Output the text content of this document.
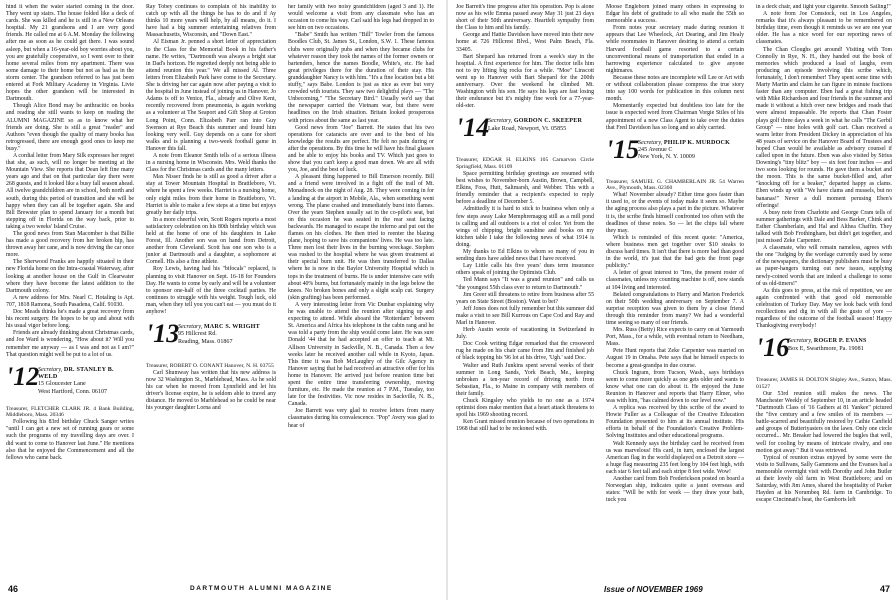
hind it when the water started coming in the door. They went up stairs. The house folded like a deck of cards. She was killed and he is still in a New Orleans hospital. My 21 grandsons and I are very good friends. He called me at 6 A.M. Monday the following after me as soon as he could get there. I was sound asleep, but when a 16-year-old boy worries about you, you are gratefully cooperative, so I went over to their home several miles from my apartment. There was some damage to their home but not as bad as in the storm center. The grandson referred to has just been entered at Fork Military Academy in Virginia. Livie hopes the other grandson will be interested in Dartmouth.

Though Alice Bond may be anthracitic on books and reading she still wants to keep on reading the ALUMNI MAGAZINE so as to know what her friends are doing. She is still a great "reader" and Authors "even though the quality of many books has retrogressed, there are enough good ones to keep me busy."

A cordial letter from Mary Silk expresses her regret that she, as such, will no longer be meeting at the Mountain View. She reports that Dean left fine many years ago and that on that particular day there were 268 guests, and it looked like a busy fall season ahead. All twelve grandchildren are in school, both north and south, during this period of transition and she will be happy when they can all be together again. She and Bill Brewster plan to spend January for a month but stepping off in Florida on the way back, prior to taking a two weeks' Island Cruise.

The good news from Stan Macomber is that Billie has made a good recovery from her broken hip, has thrown away her cane, and is now driving the car once more.

The Sherwood Franks are happily situated in their new Florida home on the Intra-coastal Waterway, after looking at another house on the Gulf in Clearwater where they have become the latest addition to the Dartmouth colony.

A new address for Mrs. Nearl C. Hotaling is Apt. 707, 1818 Ramona, South Pasadena, Calif. 91030.

Doc Meads thinks he's made a great recovery from his recent surgery. He hopes to be up and about with his usual vigor before long.

Friends are already thinking about Christmas cards, and Joe Ward is wondering, "How about it? Will you remember me anyway — as I was and not as I am?" That question might well be put to a lot of us.

'12
Secretary, DR. STANLEY B. WELD
15 Gloucester Lane
West Hartford, Conn. 06107

Treasurer, FLETCHER CLARK JR. 4 Bank Building, Middleboro, Mass. 20346

Following his 83rd birthday Chuck Sanger writes "until I can get a new set of running gears or some such the programs of my travelling days are over. I did want to come to Hanover last June." He mentions also that he enjoyed the Commencement and all the fellows who came back.

Ray Tobey continues to complain of his inability to catch up with all the things he has to do and if Ay thinks 10 more years will help, by all means, do it. I have had a big summer entertaining relatives from Massachusetts, Wisconsin, and "Down East."

Al Eisman Jr. penned a short letter of appreciation to the Class for the Memorial Book in his father's name. He writes, "Dartmouth was always a bright star in Dad's horizon. He regretted deeply not being able to attend reunion this year." We all missed Al. Three letters from Elizabeth Park have come to the Secretary. She is driving her car again now after paying a visit to the hospital in June instead of joining us in Hanover. Jo Adams is off to Venice, Fla., already and Olive Kent, recently recovered from pneumonia, is again working as a volunteer at The Seaport and Gift Shop at Groton Long Point, Conn. Elizabeth Parr ran into Guy Swenson at Rye Beach this summer and found him looking very well. Guy depends on a cane for short walks and is planning a two-week football game in Hanover this fall.

A note from Eleanor Smith tells of a serious illness in a nursing home in Wisconsin. Mrs. Weld thanks the Class for the Christmas cards and the many letters.

Max Nisser finds he is still as good a driver after a stay at Tower Mountain Hospital in Brattleboro, Vt. where he spent a few weeks. Harriet is a nursing home, only eight miles from their home in Brattleboro, Vt. Harriet is able to make a few steps at a time but enjoys greatly her daily trips.

In a more cheerful vein, Scott Rogers reports a most satisfactory celebration on his 80th birthday which was held at the home of one of his daughters in Lake Forest, Ill. Another son was on hand from Detroit, another from Cleveland. Scott has one son who is a junior at Dartmouth and a daughter, a sophomore at Cornell. His also a fine athlete.

Roy Lewis, having had his "bifocals" replaced, is planning to visit Hanover on Sept. 16-18 for Founders Day. He wants to come by early and will be a volunteer to sponsor one-half of the three cocktail parties. He continues to struggle with his weight. Tough luck, old man, when they tell you you can't eat — you must do it anyhow!

'13
Secretary, MARC S. WRIGHT
95 Hillcrest Rd.
Reading, Mass. 01867

Treasurer, ROBERT O. CONANT Hanover, N. H. 03755

Carl Shumway has written that his new address is now 32 Washington St., Marblehead, Mass. As he sold his car when he moved from Lynnfield and let his driver's license expire, he is seldom able to travel any distance. He moved to Marblehead so he could be near his younger daughter Lorna and

her family with two noisy grandchildren (aged 3 and 1). He would welcome a visit from any classmate who has an occasion to come his way. Carl said his legs had dropped in to see him on two occasions.

"Babe" Smith has written "Bill" Towler from the famous Boodles Club, St. James St., London, S.W. 1. These famous clubs were originally pubs and when they became clubs for whatever reason they took the names of the former owners or bartenders, hence the names Boodle, White's, etc. He had great privileges there for the duration of their stay. His granddaughter Nancy is with him. "It's a fine location but a bit stuffy," says Babe. London is just as nice as ever but very crowded with tourists. They saw two delightful plays — "The Unbecoming," "The Secretary Bird." Usually we'd say that the newspaper carried the Vietnam war, but there were headlines on the Irish situation. Britain looked prosperous with prices about the same as last year.

Good news from "Joe" Barrett. He states that his two operations for cataracts are over and to the best of his knowledge the results are perfect. He felt no pain during or after the operations. By this time he will have his final glasses and be able to enjoy his books and TV. Which just goes to show that you can't keep a good man down. We are all with you, Joe, and the best of luck.

A pleasant thing happened to Bill Emerson recently. Bill and a friend were involved in a fight off the trail of Mt. Monadnock on the night of Aug. 28. They were coming in for a landing at the airport in Mobile, Ala., when something went wrong. The plane crashed and immediately burst into flames. Over the years Stephen usually sat in the co-pilot's seat, but on this occasion he was seated in the rear seat facing backwards. He managed to escape the inferno and put out the flames on his clothes. He then tried to reenter the blazing plane, hoping to save his companions' lives. He was too late. Three men lost their lives in the burning wreckage. Stephen was rushed to the hospital where he was given treatment at their special burn unit. He was then transferred to Dallas where he is now in the Baylor University Hospital which is tops in the treatment of burns. He is under intensive care with about 40% burns, but fortunately mainly in the legs below the knees. No broken bones and only a slight scalp cut. Surgery (skin grafting) has been performed.

A very interesting letter from Vic Dunbar explaining why he was unable to attend the reunion after signing up and expecting to attend. While aboard the "Rotterdam" between St. America and Africa his telephone in the cabin rang and he was told a party from the ship would come later. He was sure Donald '44 that he had accepted an offer to teach at Mt. Allison University in Sackville, N. B., Canada. Then a few weeks later he received another call while in Kyoto, Japan. This time it was Bob McLaughry of the Gilc Agency in Hanover saying that he had received an attractive offer for his home in Hanover. He arrived just before reunion time but spent the entire time transferring ownership, moving furniture, etc. He made the reunion at 7 P.M., Tuesday, too late for the festivities. Vic now resides in Sackville, N. B., Canada.

Joe Barrett was very glad to receive letters from many classmates during his convalescence. "Pop" Avery was glad to hear of

46	DARTMOUTH ALUMNI MAGAZINE

Joe Barrett's fine progress after his operation. Pop is alone now as his wife Emma passed away May 31 just 23 days short of their 50th anniversary. Heartfelt sympathy from the Class to him and his family.

George and Hattie Davidson have moved into their new home at 726 Hillcrest Blvd., West Palm Beach, Fla. 33405.

Bart Shepard has returned from a week's stay in the hospital. A first experience for him. The doctor tells him not to try lifting big rocks for a while. "Moe" Linscott went up to Hanover with Bart Shepard for the 200th anniversary. Over the weekend he climbed Mt. Washington with his son. He says his legs are fast losing their endurance but it's mighty fine work for a 77-year-old-ster.

'14
Secretary, GORDON C. SKEEPER
Lake Road, Newport, Vt. 05855

Treasurer, EDGAR H. ELKINS 105 Carnarvon Circle Springfield, Mass. 01109

Space permitting birthday greetings are resumed with best wishes to November-born Austin, Brown, Campbell, Elkins, Foss, Hutt, Saltmarsh, and Webber. This with a friendly reminder that a recipient's expected to reply before a deadline of December 5.

Admittedly it is hard to stick to business when only a few steps away Lake Memphremagog still as a mill pond is calling and all outdoors is a riot of color. Yet from the wings of chipping, bright sunshine and books on my kitchen table I take the following news of what 1914 is doing.

My thanks to Ed Elkins to whom so many of you in sending dues have added news that I have received.

Lay Little calls his five years' dues term insurance others speak of joining the Optimists Club.

Ted Mann says "It was a grand reunion" and calls us "the youngest 55th class ever to return to Dartmouth."

Jim Greer still threatens to retire from business after 55 years on State Street (Boston). Want to bet?

Jeff Jones does not fully remember but this summer did make a visit to see Bill Kurrous on Cape Cod and Ray and Marl in Hanover.

Herb Austin wrote of vacationing in Switzerland in July.

Doc Cook writing Edgar remarked that the crossword rug he made on his chair came from Jim and finished job of black topping his '96 lot at his drive, 'Ugh.' said Doc.

Walter and Ruth Junkins spent several weeks of their summer in Long Sands, York Beach, Me., keeping unbroken a ten-year record of driving north from Sebastian, Fla., to Maine in company with members of their family.

Chuck Kingsley who yields to no one as a 1974 optimist does make mention that a heart attack threatens to spoil his 1969 shooting record.

Ken Grant missed reunion because of two operations in 1968 that still had to be reckoned with.

Moose Engleborn joined many others in expressing to Edgar his debt of gratitude to all who made the 55th so memorable a success.

From notes your secretary made during reunion it appears that Lee Wheelock, Art Dearing, and Jim Healy while roommates in Hanover desiring to attend a certain Harvard football game resorted to a certain unconventional means of transportation that ended in a harrowing experience calculated to give anyone nightmares.

Because these notes are incomplete will Lee or Art with or without collaboration please compress the true story into say 100 words for publication in this column next month.

Momentarily expected but doubtless too late for the issue is expected word from Chairman Vorgie Stiles of his appointment of a new Class Agent to take over the duties that Fred Davidson has so long and so ably carried.

'15
Secretary, PHILIP K. MURDOCK
245 Avenue C
New York, N. Y. 10009

Treasurer, SAMUEL G. CHAMBERLAIN JR. 54 Warren Ave., Plymouth, Mass. 02360

What! November already? Either time goes faster than it used to, or the events of today make it seem so. Maybe the aging process also plays a part in the picture. Whatever it is, the scribe finds himself confronted too often with the deadlines of these notes. So — let the chips fall where they may.

Which is reminded of this recent quote: "America, where business men get together over $10 steaks to discuss hard times. It isn't that there is more bad than good in the world, it's just that the bad gets the front page publicity."

A letter of great interest to "Ires, the present roster of classmates, unless my counting machine is off, now stands at 104 living and interested.

Belated congratulations to Harry and Marion Frederick on their 50th wedding anniversary on September 7. A surprise reception was given to them by a close friend through this reminder from many? We had a wonderful time seeing so many of our friends.

Mrs. Russ (Betty) Rice expects to carry on at Yarmouth Port, Mass., for a while, with eventual return to Needham, Mass.

Pete Hunt reports that Zeke Carpenter was married on August 19 in Omaha. Pete says that he himself expects to become a great-grandpa in due course.

Chuck Ingram, from Tucson, Wash., says birthdays seem to come more quickly as one gets older and wants to know what one can do about it. He enjoyed the June Reunion in Hanover and reports that Harry Elmer, who was with him, "has calmed down to our level now."

A replica was received by this scribe of the award to Howie Fuller as a Colleague of the Creative Education Foundation presented to him at its annual institute. His efforts in behalf of the Foundation's Creative Problem-Solving Institutes and other educational programs.

Walt Kennedy says the birthday card he received from us was marvelous! His card, in turn, enclosed the largest American flag in the world displayed on a Detroit store — a huge flag measuring 235 feet long by 104 feet high, with each star 6 feet tall and each stripe 8 feet wide. Wow!

Another card from Bob Frederickson posted on board a Norwegian ship, indicates quite a jaunt overseas and states: "Will be with for week — they draw your bath, tuck you

in a deck chair, and light your cigarette. Smooth Sailing!"

A note from Joe Comstock, out in Los Angeles, remarks that it's always pleasant to be remembered on birthday time, even though it reminds us we are one year older. He has a nice word for our reporting news of classmates.

The Chan Cloughs get around! Visiting with Tom Connolly in Rye, N. H., they handed out the book of memories which produced a load of laughs, even producing an episode involving this scribe which, fortunately, I don't remember! They spent some time with Marty Martin and claim he can figure in minute fractions faster than any computer. Eben had a great fishing trip with Mike Richardson and four friends in the summer and made it without a hitch over new bridges and roads that were almost impassable. He reports that Chan Foster plays golf three days a week in what he calls "The Gerbil Group" — nine holes with golf cart. Chan received a warm letter from President Dickey in appreciation of his 48 years of service on the Hanover Board of Trustees and hoped Chan would be available as advisory counsel if called upon in the future. Eben was also visited by Sirius Downing's "tiny blitz" boy — six feet four inches — and two sons looking for rounds. He gave them a bucket and the moon. This is the same bucket-filled and, after "knocking off for a beaker," departed happy as clams. Eben winds up with "We have clams and mussels, but no bananas!" Never a dull moment perusing Eben's offerings!

A busy note from Charlotte and George Cram tells of summer gatherings with Dale and Bess Barker, Chink and Esther Chamberlain, and Hal and Althea Chaffin. They talked with Bob Frothingham, but didn't get together, and just missed Zeke Carpenter.

A classmate, who will remain nameless, agrees with the one "Judging by the wordage currently used by some of the newspapers, the dictionary publishers must be busy as paper-hangers turning out new issues, supplying newly-coined words that are indeed a challenge to some of us old-timers!"

As this goes to press, at the risk of repetition, we are again confronted with that good old memorable celebration of Turkey Day. May we look back with fond recollections and dig in with all the gusto of yore — regardless of the outcome of the football season! Happy Thanksgiving everybody!

'16
Secretary, ROGER P. EVANS
Box E, Swarthmore, Pa. 19081

Treasurer, JAMES H. DOLTON Shipley Ave., Sutton, Mass. 01527

Our 53rd reunion still makes the news. The Manchester Weekly of September 10, in an article headed "Dartmouth Class of '16 Gathers at 81 Yankee" pictured the "five century and a few smiles of its members — battle-scarred and beautifully restored by Cathie Canfield and groups of Butteriyasters on the lawn. Only one circle occurred... Mr. Breaker had lowered the bugles that well, well for cooling by means of intricate rivalry, and one motion got away." But it was retrieved.

Typical of reunion extras enjoyed by some were the visits to Sullivans, Sally Gammons and the Evanses had a memorable overnight visit with Dorothy and John Butler at their lovely old farm in West Brattleboro; and on Saturday, with Jim Ames, shared the hospitality of Parker Hayden at his Norumbeq Rd. farm in Cambridge. To escape Cincinnati's heat, the Gamborts left

Issue of NOVEMBER 1969	47
